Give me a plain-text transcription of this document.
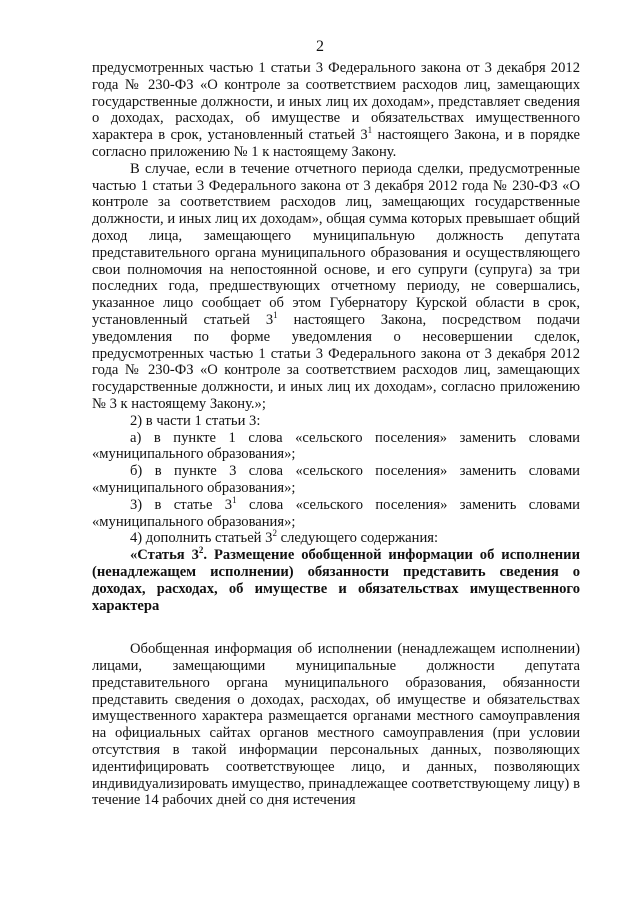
2

предусмотренных частью 1 статьи 3 Федерального закона от 3 декабря 2012 года № 230-ФЗ «О контроле за соответствием расходов лиц, замещающих государственные должности, и иных лиц их доходам», представляет сведения о доходах, расходах, об имуществе и обязательствах имущественного характера в срок, установленный статьей $3^1$ настоящего Закона, и в порядке согласно приложению № 1 к настоящему Закону.

В случае, если в течение отчетного периода сделки, предусмотренные частью 1 статьи 3 Федерального закона от 3 декабря 2012 года № 230-ФЗ «О контроле за соответствием расходов лиц, замещающих государственные должности, и иных лиц их доходам», общая сумма которых превышает общий доход лица, замещающего муниципальную должность депутата представительного органа муниципального образования и осуществляющего свои полномочия на непостоянной основе, и его супруги (супруга) за три последних года, предшествующих отчетному периоду, не совершались, указанное лицо сообщает об этом Губернатору Курской области в срок, установленный статьей $3^1$ настоящего Закона, посредством подачи уведомления по форме уведомления о несовершении сделок, предусмотренных частью 1 статьи 3 Федерального закона от 3 декабря 2012 года № 230-ФЗ «О контроле за соответствием расходов лиц, замещающих государственные должности, и иных лиц их доходам», согласно приложению № 3 к настоящему Закону.»;

2) в части 1 статьи 3:

а) в пункте 1 слова «сельского поселения» заменить словами «муниципального образования»;

б) в пункте 3 слова «сельского поселения» заменить словами «муниципального образования»;

3) в статье $3^1$ слова «сельского поселения» заменить словами «муниципального образования»;

4) дополнить статьей $3^2$ следующего содержания:

«Статья $3^2$. Размещение обобщенной информации об исполнении (ненадлежащем исполнении) обязанности представить сведения о доходах, расходах, об имуществе и обязательствах имущественного характера

Обобщенная информация об исполнении (ненадлежащем исполнении) лицами, замещающими муниципальные должности депутата представительного органа муниципального образования, обязанности представить сведения о доходах, расходах, об имуществе и обязательствах имущественного характера размещается органами местного самоуправления на официальных сайтах органов местного самоуправления (при условии отсутствия в такой информации персональных данных, позволяющих идентифицировать соответствующее лицо, и данных, позволяющих индивидуализировать имущество, принадлежащее соответствующему лицу) в течение 14 рабочих дней со дня истечения
